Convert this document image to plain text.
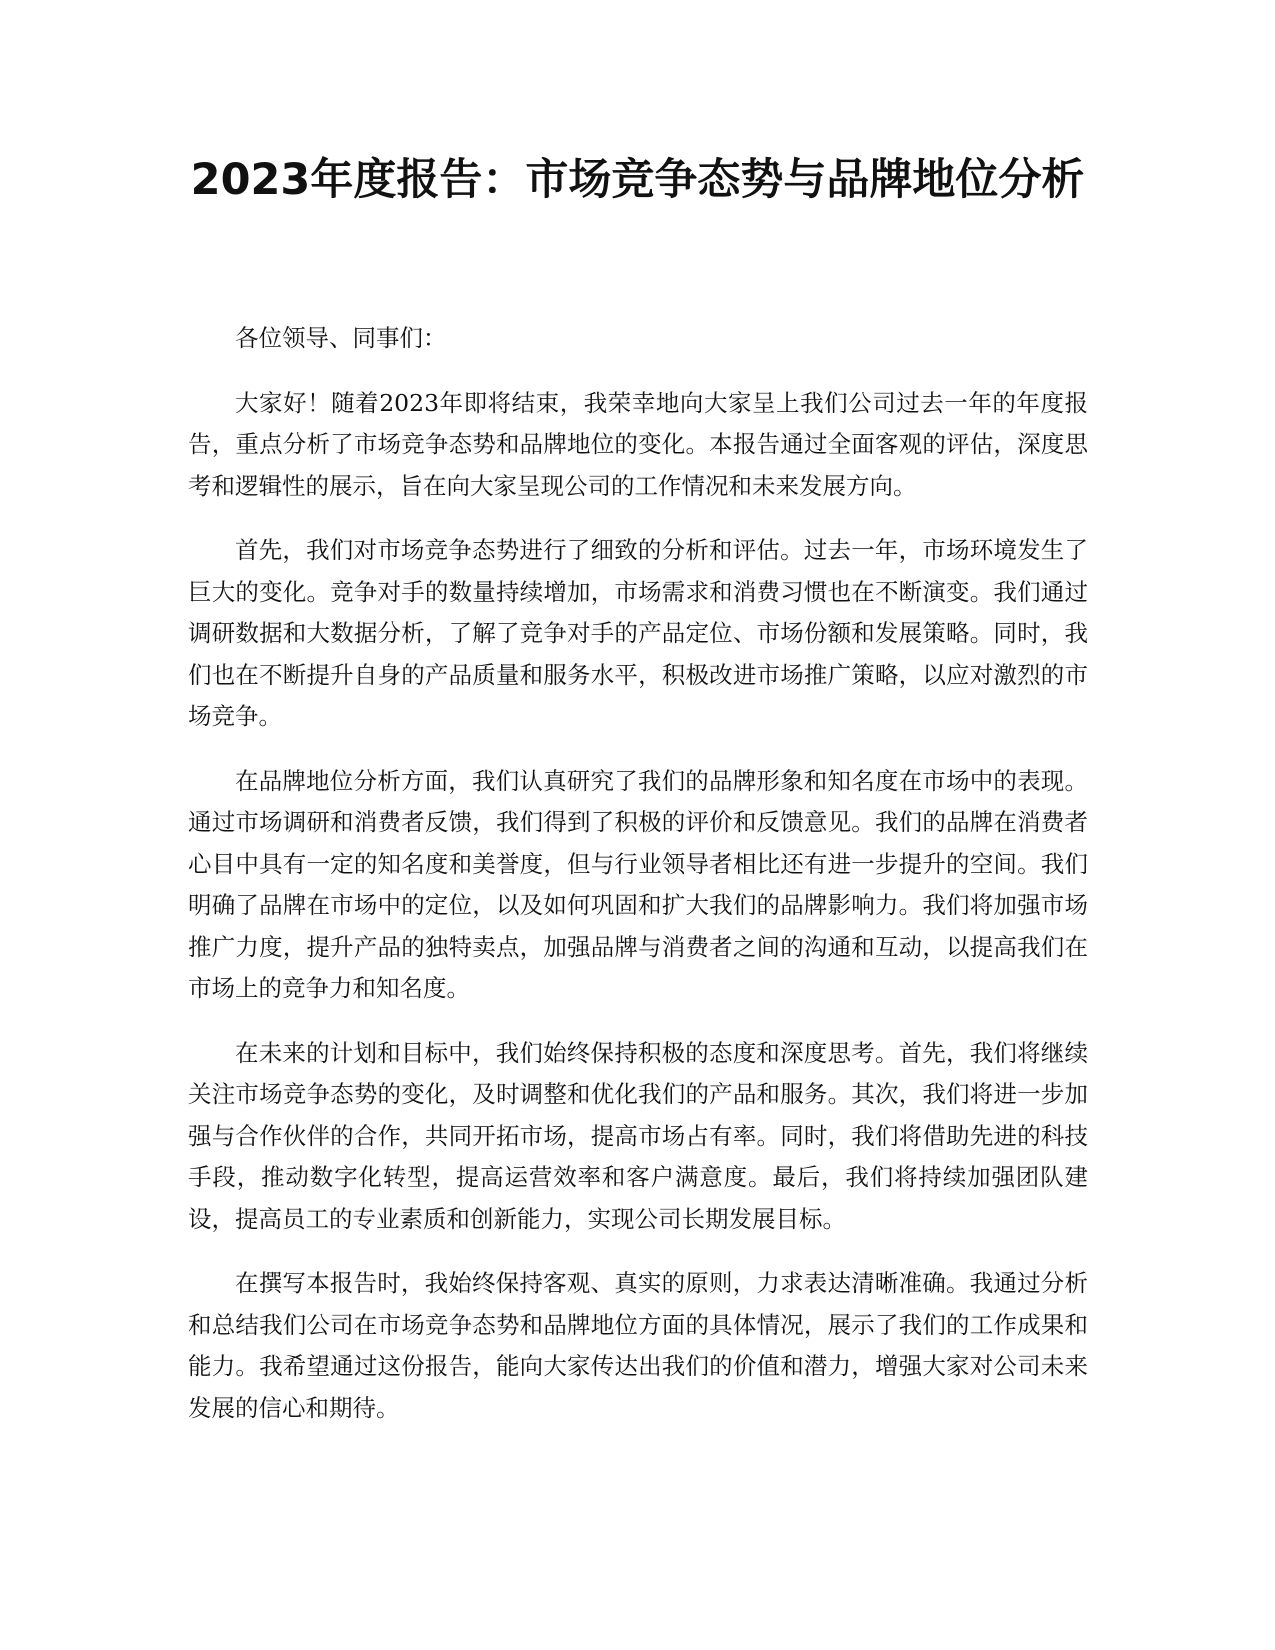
2023年度报告：市场竞争态势与品牌地位分析

各位领导、同事们：

大家好！随着2023年即将结束，我荣幸地向大家呈上我们公司过去一年的年度报告，重点分析了市场竞争态势和品牌地位的变化。本报告通过全面客观的评估，深度思考和逻辑性的展示，旨在向大家呈现公司的工作情况和未来发展方向。

首先，我们对市场竞争态势进行了细致的分析和评估。过去一年，市场环境发生了巨大的变化。竞争对手的数量持续增加，市场需求和消费习惯也在不断演变。我们通过调研数据和大数据分析，了解了竞争对手的产品定位、市场份额和发展策略。同时，我们也在不断提升自身的产品质量和服务水平，积极改进市场推广策略，以应对激烈的市场竞争。

在品牌地位分析方面，我们认真研究了我们的品牌形象和知名度在市场中的表现。通过市场调研和消费者反馈，我们得到了积极的评价和反馈意见。我们的品牌在消费者心目中具有一定的知名度和美誉度，但与行业领导者相比还有进一步提升的空间。我们明确了品牌在市场中的定位，以及如何巩固和扩大我们的品牌影响力。我们将加强市场推广力度，提升产品的独特卖点，加强品牌与消费者之间的沟通和互动，以提高我们在市场上的竞争力和知名度。

在未来的计划和目标中，我们始终保持积极的态度和深度思考。首先，我们将继续关注市场竞争态势的变化，及时调整和优化我们的产品和服务。其次，我们将进一步加强与合作伙伴的合作，共同开拓市场，提高市场占有率。同时，我们将借助先进的科技手段，推动数字化转型，提高运营效率和客户满意度。最后，我们将持续加强团队建设，提高员工的专业素质和创新能力，实现公司长期发展目标。

在撰写本报告时，我始终保持客观、真实的原则，力求表达清晰准确。我通过分析和总结我们公司在市场竞争态势和品牌地位方面的具体情况，展示了我们的工作成果和能力。我希望通过这份报告，能向大家传达出我们的价值和潜力，增强大家对公司未来发展的信心和期待。
